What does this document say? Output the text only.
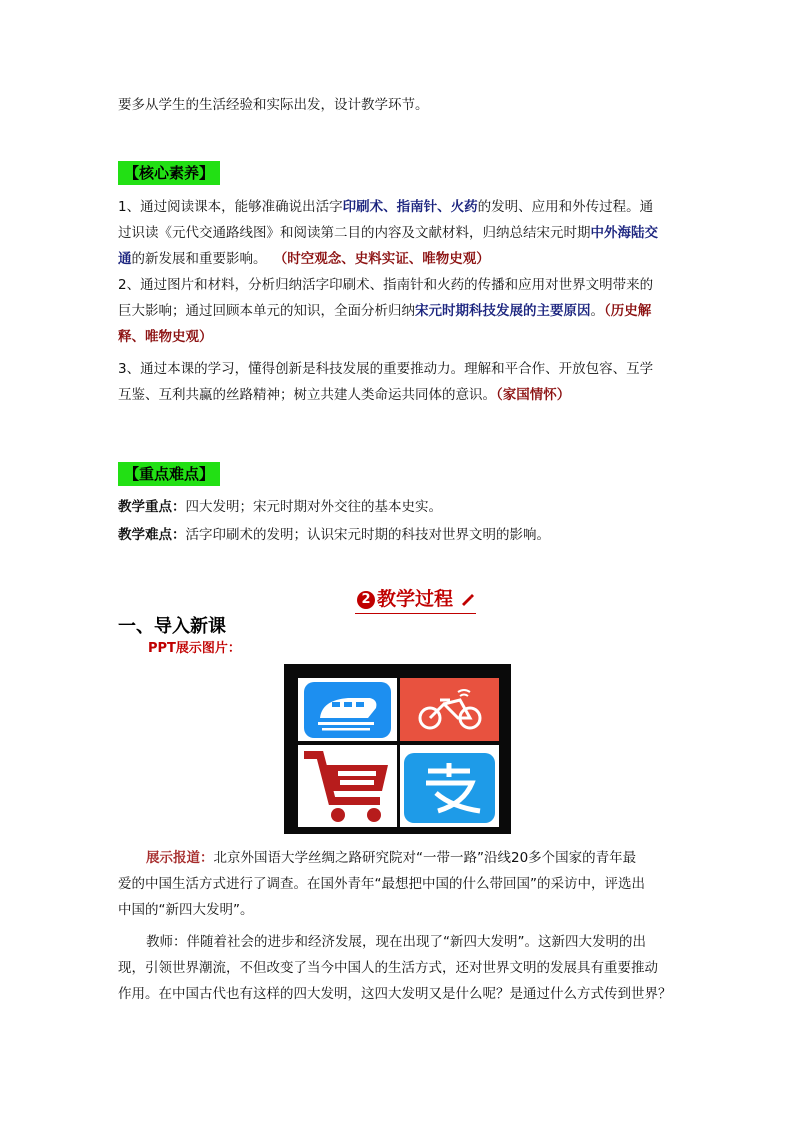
要多从学生的生活经验和实际出发，设计教学环节。

【核心素养】

1、通过阅读课本，能够准确说出活字印刷术、指南针、火药的发明、应用和外传过程。通

过识读《元代交通路线图》和阅读第二目的内容及文献材料，归纳总结宋元时期中外海陆交

通的新发展和重要影响。 （时空观念、史料实证、唯物史观）

2、通过图片和材料，分析归纳活字印刷术、指南针和火药的传播和应用对世界文明带来的

巨大影响；通过回顾本单元的知识，全面分析归纳宋元时期科技发展的主要原因。（历史解

释、唯物史观）

3、通过本课的学习，懂得创新是科技发展的重要推动力。理解和平合作、开放包容、互学

互鉴、互利共赢的丝路精神；树立共建人类命运共同体的意识。（家国情怀）

【重点难点】

教学重点：四大发明；宋元时期对外交往的基本史实。

教学难点：活字印刷术的发明；认识宋元时期的科技对世界文明的影响。

2 教学过程
一、导入新课
PPT展示图片：

展示报道：北京外国语大学丝绸之路研究院对“一带一路”沿线20多个国家的青年最

爱的中国生活方式进行了调查。在国外青年“最想把中国的什么带回国”的采访中，评选出

中国的“新四大发明”。

教师：伴随着社会的进步和经济发展，现在出现了“新四大发明”。这新四大发明的出

现，引领世界潮流，不但改变了当今中国人的生活方式，还对世界文明的发展具有重要推动

作用。在中国古代也有这样的四大发明，这四大发明又是什么呢？是通过什么方式传到世界？
